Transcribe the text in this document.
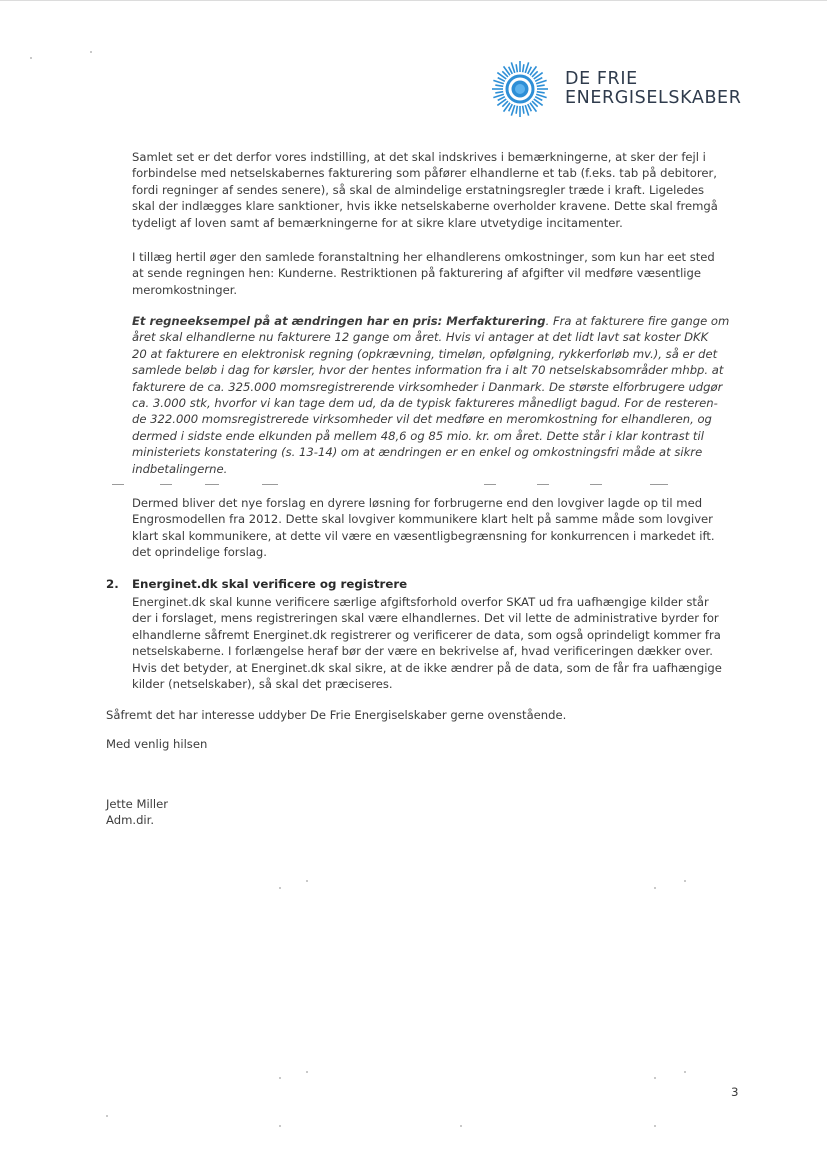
DE FRIE
ENERGISELSKABER
Samlet set er det derfor vores indstilling, at det skal indskrives i bemærkningerne, at sker der fejl i
forbindelse med netselskabernes fakturering som påfører elhandlerne et tab (f.eks. tab på debitorer,
fordi regninger af sendes senere), så skal de almindelige erstatningsregler træde i kraft. Ligeledes
skal der indlægges klare sanktioner, hvis ikke netselskaberne overholder kravene. Dette skal fremgå
tydeligt af loven samt af bemærkningerne for at sikre klare utvetydige incitamenter.
I tillæg hertil øger den samlede foranstaltning her elhandlerens omkostninger, som kun har eet sted
at sende regningen hen: Kunderne. Restriktionen på fakturering af afgifter vil medføre væsentlige
meromkostninger.
Et regneeksempel på at ændringen har en pris: Merfakturering. Fra at fakturere fire gange om
året skal elhandlerne nu fakturere 12 gange om året. Hvis vi antager at det lidt lavt sat koster DKK
20 at fakturere en elektronisk regning (opkrævning, timeløn, opfølgning, rykkerforløb mv.), så er det
samlede beløb i dag for kørsler, hvor der hentes information fra i alt 70 netselskabsområder mhbp. at
fakturere de ca. 325.000 momsregistrerende virksomheder i Danmark. De største elforbrugere udgør
ca. 3.000 stk, hvorfor vi kan tage dem ud, da de typisk faktureres månedligt bagud. For de resteren-
de 322.000 momsregistrerede virksomheder vil det medføre en meromkostning for elhandleren, og
dermed i sidste ende elkunden på mellem 48,6 og 85 mio. kr. om året. Dette står i klar kontrast til
ministeriets konstatering (s. 13-14) om at ændringen er en enkel og omkostningsfri måde at sikre
indbetalingerne.
Dermed bliver det nye forslag en dyrere løsning for forbrugerne end den lovgiver lagde op til med
Engrosmodellen fra 2012. Dette skal lovgiver kommunikere klart helt på samme måde som lovgiver
klart skal kommunikere, at dette vil være en væsentligbegrænsning for konkurrencen i markedet ift.
det oprindelige forslag.
2. Energinet.dk skal verificere og registrere
Energinet.dk skal kunne verificere særlige afgiftsforhold overfor SKAT ud fra uafhængige kilder står
der i forslaget, mens registreringen skal være elhandlernes. Det vil lette de administrative byrder for
elhandlerne såfremt Energinet.dk registrerer og verificerer de data, som også oprindeligt kommer fra
netselskaberne. I forlængelse heraf bør der være en bekrivelse af, hvad verificeringen dækker over.
Hvis det betyder, at Energinet.dk skal sikre, at de ikke ændrer på de data, som de får fra uafhængige
kilder (netselskaber), så skal det præciseres.
Såfremt det har interesse uddyber De Frie Energiselskaber gerne ovenstående.
Med venlig hilsen
Jette Miller
Adm.dir.
3
